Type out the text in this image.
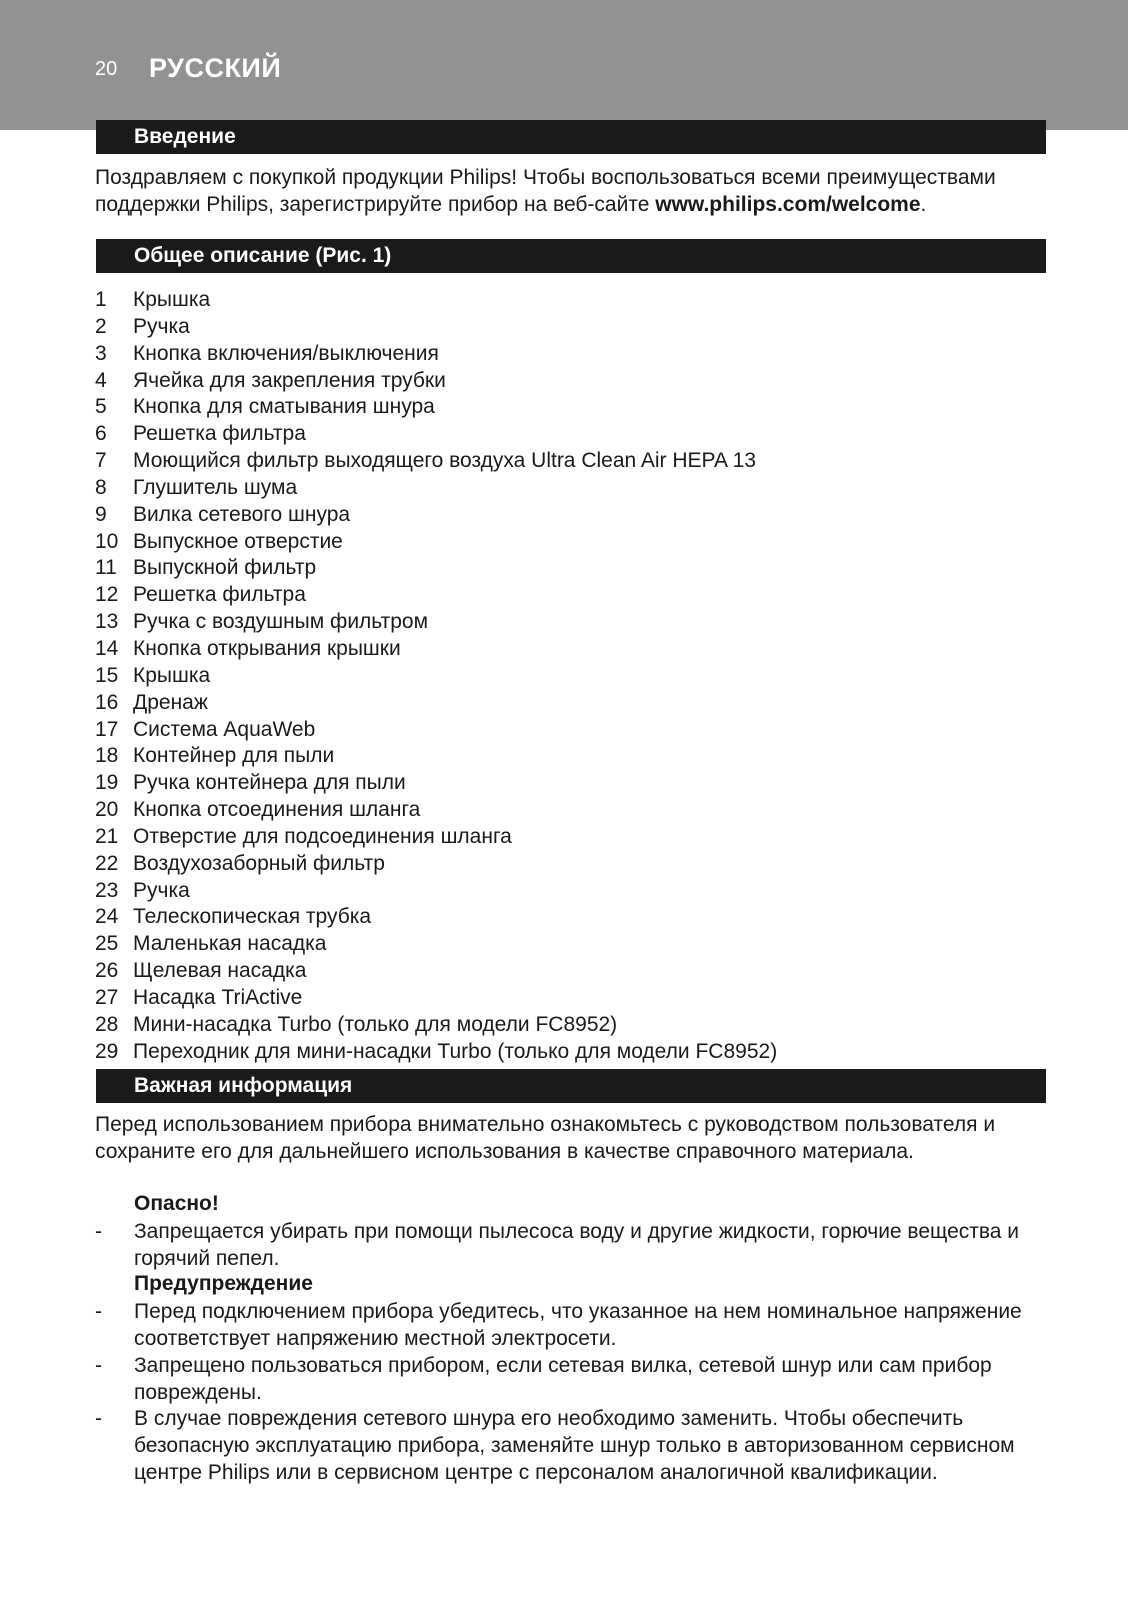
20 РУССКИЙ
Введение
Поздравляем с покупкой продукции Philips! Чтобы воспользоваться всеми преимуществами поддержки Philips, зарегистрируйте прибор на веб-сайте www.philips.com/welcome.
Общее описание (Рис. 1)
1 Крышка
2 Ручка
3 Кнопка включения/выключения
4 Ячейка для закрепления трубки
5 Кнопка для сматывания шнура
6 Решетка фильтра
7 Моющийся фильтр выходящего воздуха Ultra Clean Air HEPA 13
8 Глушитель шума
9 Вилка сетевого шнура
10 Выпускное отверстие
11 Выпускной фильтр
12 Решетка фильтра
13 Ручка с воздушным фильтром
14 Кнопка открывания крышки
15 Крышка
16 Дренаж
17 Система AquaWeb
18 Контейнер для пыли
19 Ручка контейнера для пыли
20 Кнопка отсоединения шланга
21 Отверстие для подсоединения шланга
22 Воздухозаборный фильтр
23 Ручка
24 Телескопическая трубка
25 Маленькая насадка
26 Щелевая насадка
27 Насадка TriActive
28 Мини-насадка Turbo (только для модели FC8952)
29 Переходник для мини-насадки Turbo (только для модели FC8952)
Важная информация
Перед использованием прибора внимательно ознакомьтесь с руководством пользователя и сохраните его для дальнейшего использования в качестве справочного материала.
Опасно!
- Запрещается убирать при помощи пылесоса воду и другие жидкости, горючие вещества и горячий пепел.
Предупреждение
- Перед подключением прибора убедитесь, что указанное на нем номинальное напряжение соответствует напряжению местной электросети.
- Запрещено пользоваться прибором, если сетевая вилка, сетевой шнур или сам прибор повреждены.
- В случае повреждения сетевого шнура его необходимо заменить. Чтобы обеспечить безопасную эксплуатацию прибора, заменяйте шнур только в авторизованном сервисном центре Philips или в сервисном центре с персоналом аналогичной квалификации.
